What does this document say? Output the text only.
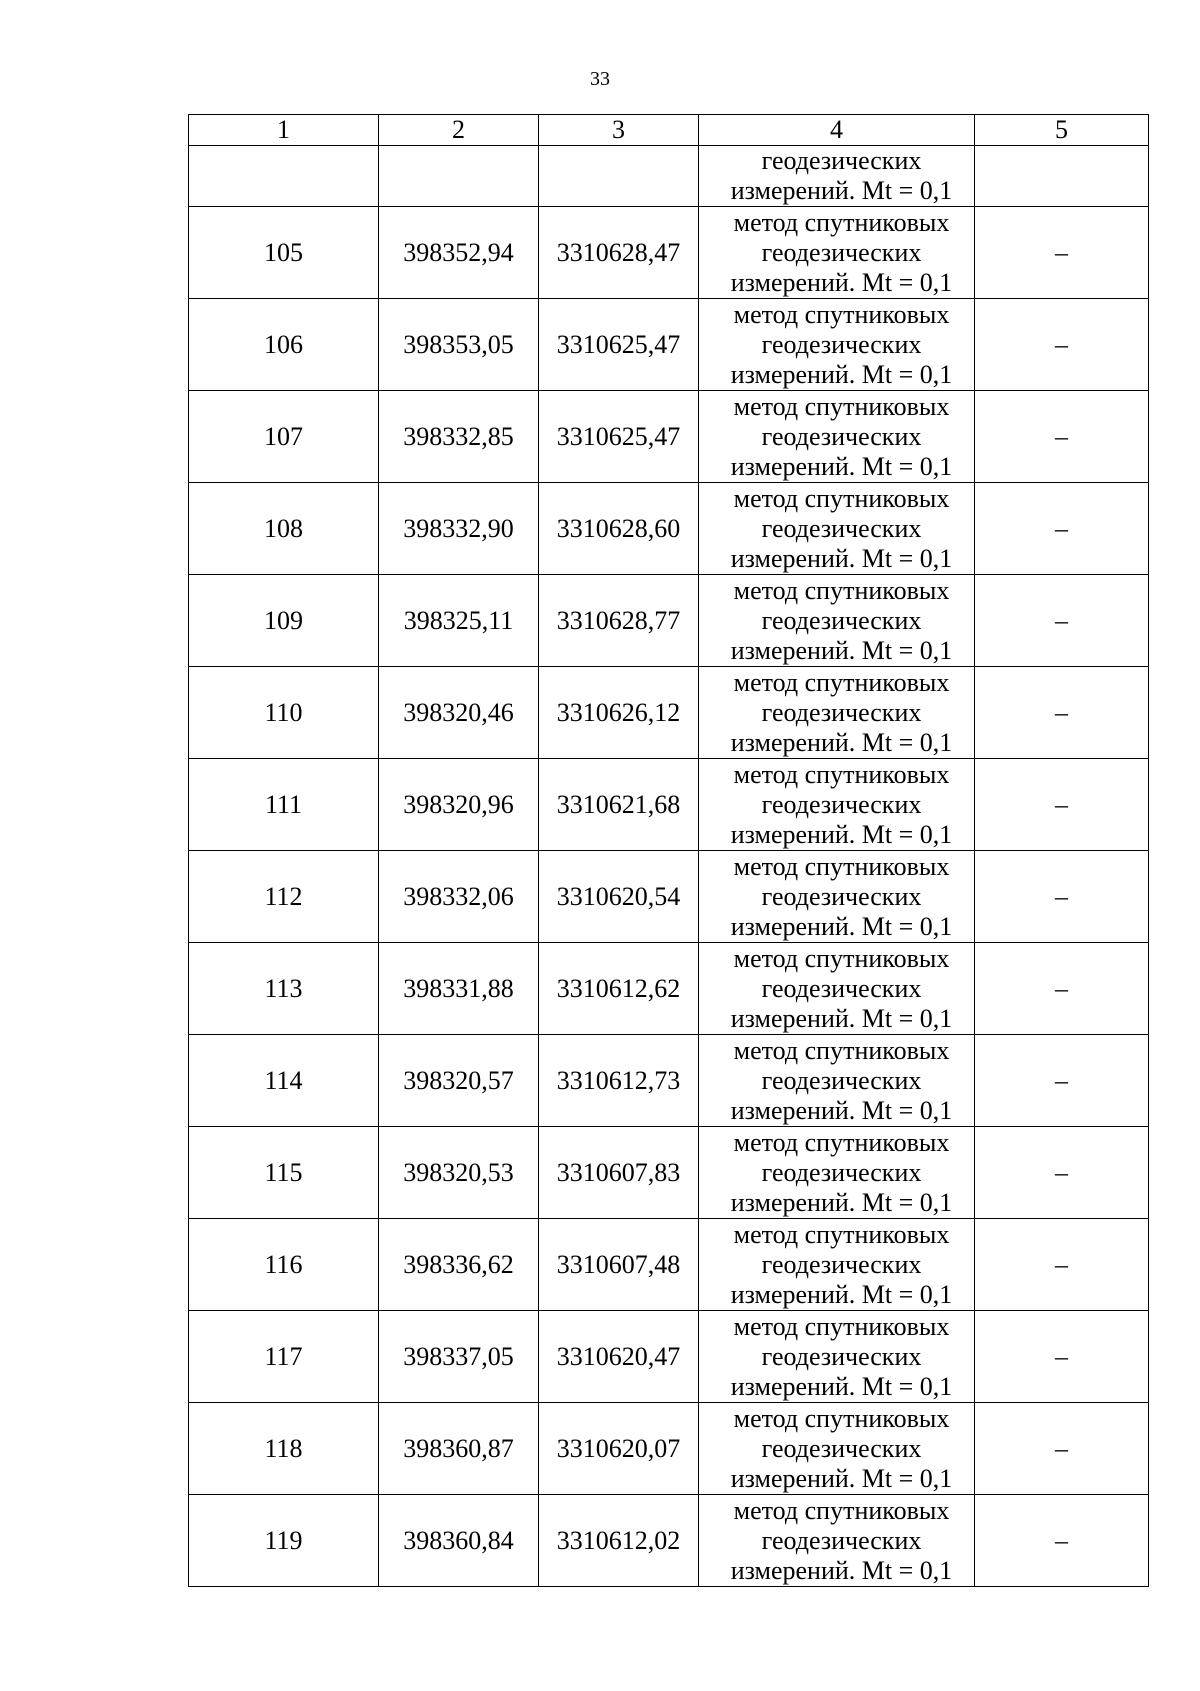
33
1	2	3	4	5

			геодезических
измерений. Mt = 0,1	

105	398352,94	3310628,47	метод спутниковых
геодезических
измерений. Mt = 0,1	–
106	398353,05	3310625,47	метод спутниковых
геодезических
измерений. Mt = 0,1	–
107	398332,85	3310625,47	метод спутниковых
геодезических
измерений. Mt = 0,1	–
108	398332,90	3310628,60	метод спутниковых
геодезических
измерений. Mt = 0,1	–
109	398325,11	3310628,77	метод спутниковых
геодезических
измерений. Mt = 0,1	–
110	398320,46	3310626,12	метод спутниковых
геодезических
измерений. Mt = 0,1	–
111	398320,96	3310621,68	метод спутниковых
геодезических
измерений. Mt = 0,1	–
112	398332,06	3310620,54	метод спутниковых
геодезических
измерений. Mt = 0,1	–
113	398331,88	3310612,62	метод спутниковых
геодезических
измерений. Mt = 0,1	–
114	398320,57	3310612,73	метод спутниковых
геодезических
измерений. Mt = 0,1	–
115	398320,53	3310607,83	метод спутниковых
геодезических
измерений. Mt = 0,1	–
116	398336,62	3310607,48	метод спутниковых
геодезических
измерений. Mt = 0,1	–
117	398337,05	3310620,47	метод спутниковых
геодезических
измерений. Mt = 0,1	–
118	398360,87	3310620,07	метод спутниковых
геодезических
измерений. Mt = 0,1	–
119	398360,84	3310612,02	метод спутниковых
геодезических
измерений. Mt = 0,1	–
